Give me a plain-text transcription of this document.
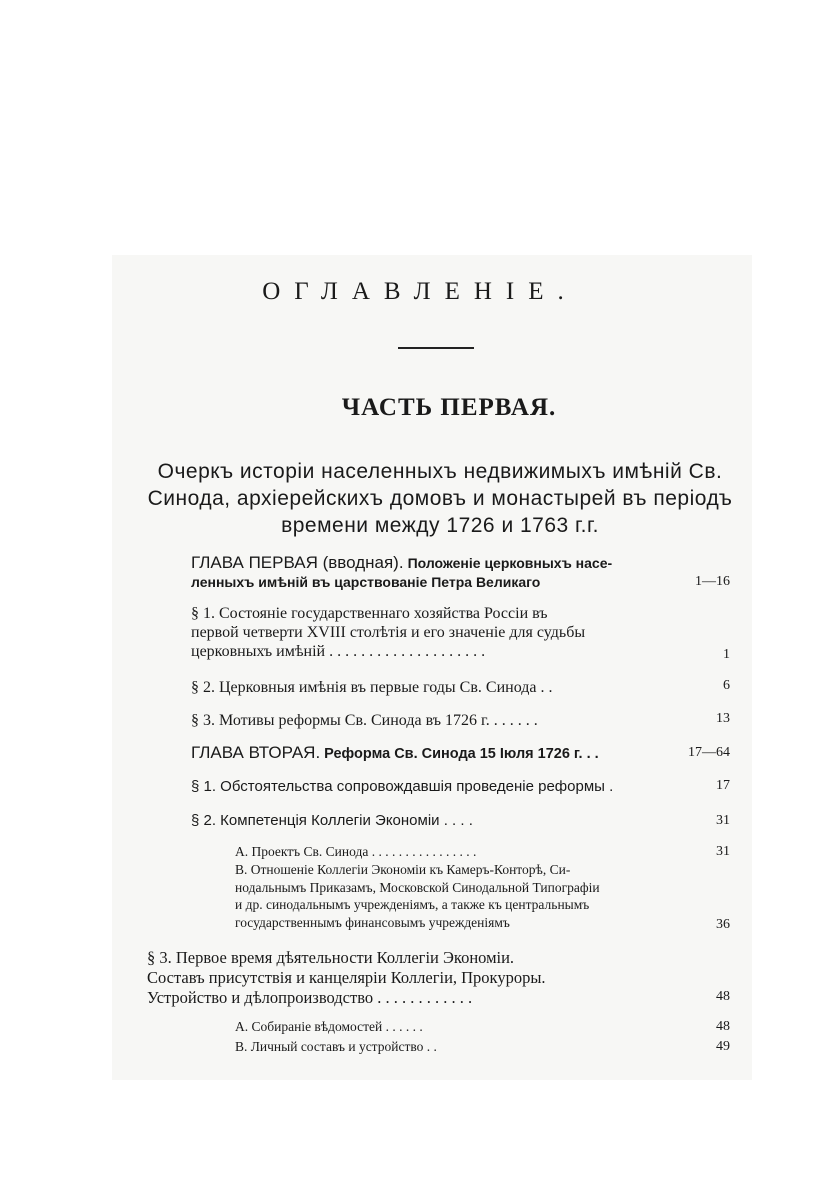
ОГЛАВЛЕНІЕ.
ЧАСТЬ ПЕРВАЯ.
Очеркъ исторіи населенныхъ недвижимыхъ имѣній Св.
Синода, архіерейскихъ домовъ и монастырей въ періодъ
времени между 1726 и 1763 г.г.
ГЛАВА ПЕРВАЯ (вводная). Положеніе церковныхъ насе-
ленныхъ имѣній въ царствованіе Петра Великаго	1—16
§ 1. Состояніе государственнаго хозяйства Россіи въ
первой четверти XVIII столѣтія и его значеніе для судьбы
церковныхъ имѣній . . . . . . . . . . . . . . . . . . . .	1
§ 2. Церковныя имѣнія въ первые годы Св. Синода . .	6
§ 3. Мотивы реформы Св. Синода въ 1726 г. . . . . . .	13
ГЛАВА ВТОРАЯ. Реформа Св. Синода 15 Іюля 1726 г. . .	17—64
§ 1. Обстоятельства сопровождавшія проведеніе реформы .	17
§ 2. Компетенція Коллегіи Экономіи . . . .	31
A. Проектъ Св. Синода . . . . . . . . . . . . . . . .	31
B. Отношеніе Коллегіи Экономіи къ Камеръ-Конторѣ, Си-
нодальнымъ Приказамъ, Московской Синодальной Типографіи
и др. синодальнымъ учрежденіямъ, а также къ центральнымъ
государственнымъ финансовымъ учрежденіямъ	36
§ 3. Первое время дѣятельности Коллегіи Экономіи.
Составъ присутствія и канцеляріи Коллегіи, Прокуроры.
Устройство и дѣлопроизводство . . . . . . . . . . . .	48
A. Собираніе вѣдомостей . . . . . .	48
B. Личный составъ и устройство . .	49
